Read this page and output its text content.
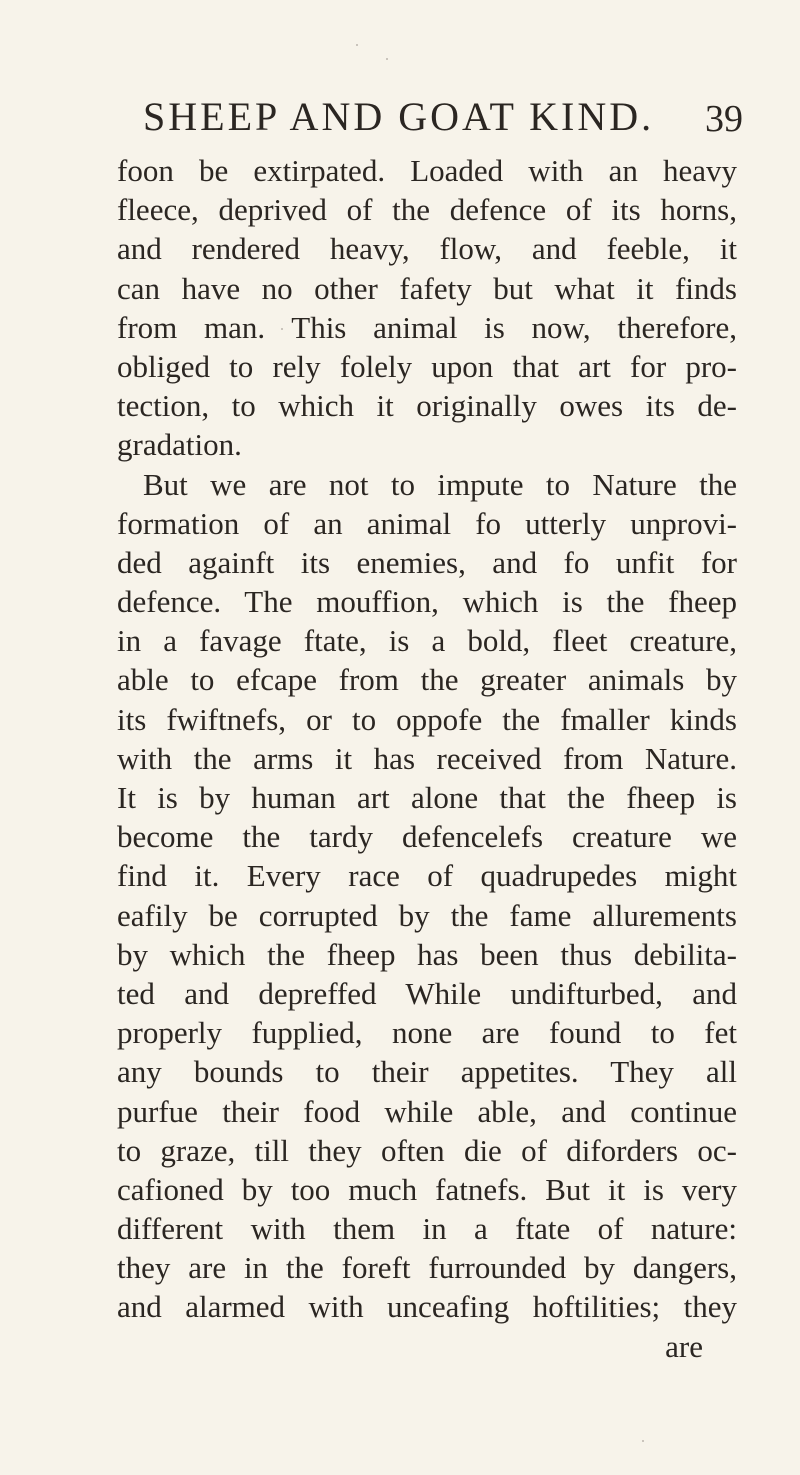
SHEEP AND GOAT KIND. 39
foon be extirpated. Loaded with an heavy
fleece, deprived of the defence of its horns,
and rendered heavy, flow, and feeble, it
can have no other fafety but what it finds
from man. This animal is now, therefore,
obliged to rely folely upon that art for pro-
tection, to which it originally owes its de-
gradation.
But we are not to impute to Nature the
formation of an animal fo utterly unprovi-
ded againft its enemies, and fo unfit for
defence. The mouffion, which is the fheep
in a favage ftate, is a bold, fleet creature,
able to efcape from the greater animals by
its fwiftnefs, or to oppofe the fmaller kinds
with the arms it has received from Nature.
It is by human art alone that the fheep is
become the tardy defencelefs creature we
find it. Every race of quadrupedes might
eafily be corrupted by the fame allurements
by which the fheep has been thus debilita-
ted and depreffed While undifturbed, and
properly fupplied, none are found to fet
any bounds to their appetites. They all
purfue their food while able, and continue
to graze, till they often die of diforders oc-
cafioned by too much fatnefs. But it is very
different with them in a ftate of nature:
they are in the foreft furrounded by dangers,
and alarmed with unceafing hoftilities; they
are
